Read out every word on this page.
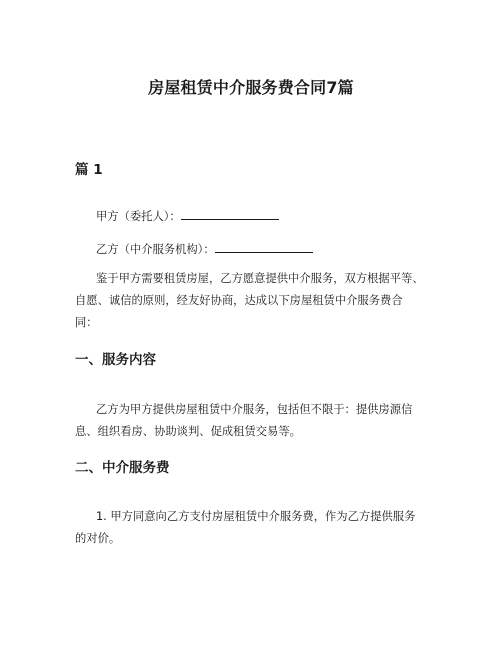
房屋租赁中介服务费合同7篇
篇 1
甲方（委托人）：
乙方（中介服务机构）：
鉴于甲方需要租赁房屋，乙方愿意提供中介服务，双方根据平等、
自愿、诚信的原则，经友好协商，达成以下房屋租赁中介服务费合
同：
一、服务内容
乙方为甲方提供房屋租赁中介服务，包括但不限于：提供房源信
息、组织看房、协助谈判、促成租赁交易等。
二、中介服务费
1. 甲方同意向乙方支付房屋租赁中介服务费，作为乙方提供服务
的对价。
